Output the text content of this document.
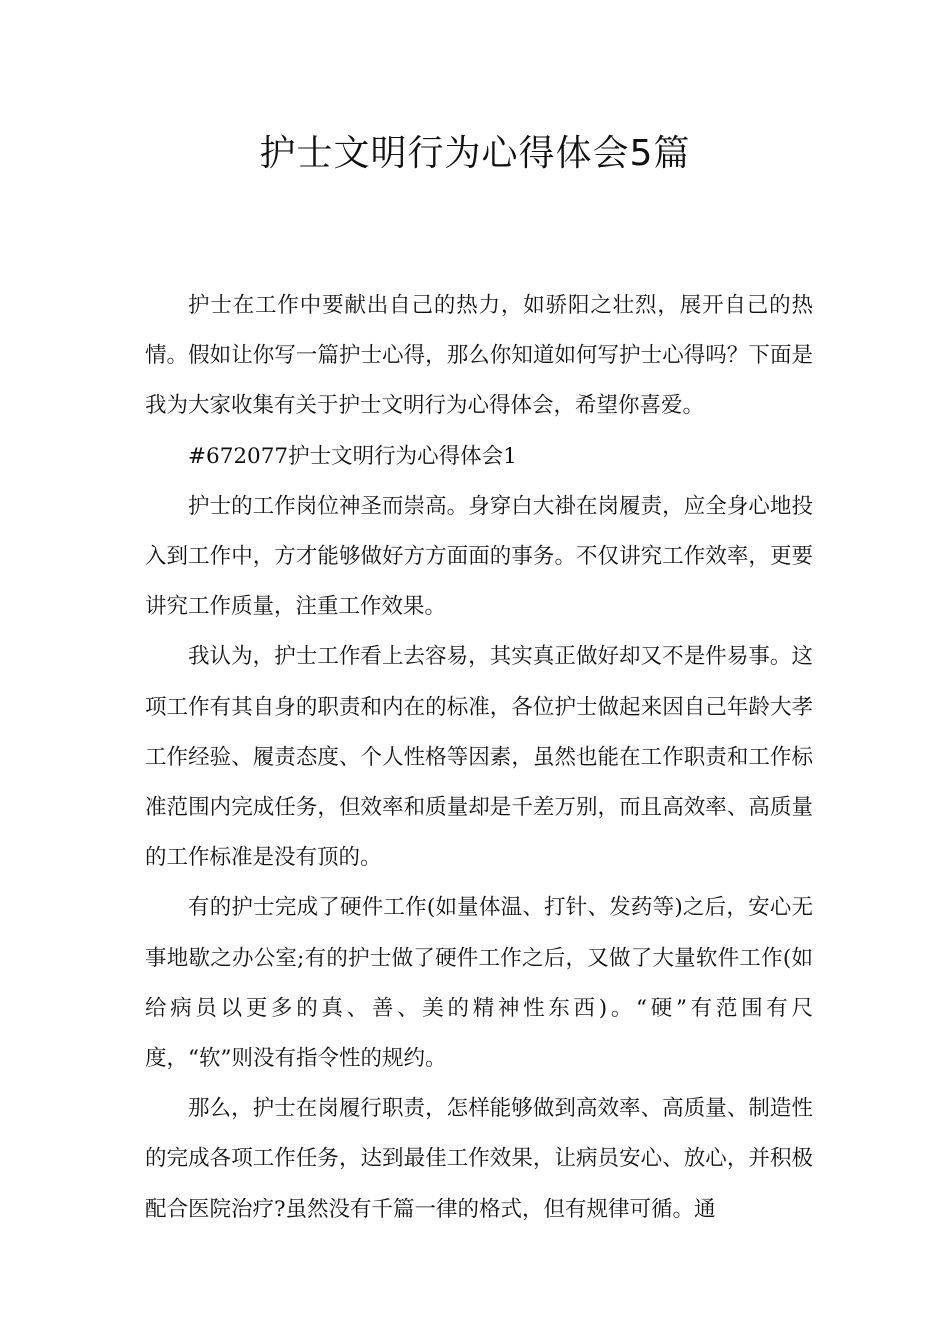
护士文明行为心得体会5篇

护士在工作中要献出自己的热力，如骄阳之壮烈，展开自己的热情。假如让你写一篇护士心得，那么你知道如何写护士心得吗？下面是我为大家收集有关于护士文明行为心得体会，希望你喜爱。

#672077护士文明行为心得体会1

护士的工作岗位神圣而崇高。身穿白大褂在岗履责，应全身心地投入到工作中，方才能够做好方方面面的事务。不仅讲究工作效率，更要讲究工作质量，注重工作效果。

我认为，护士工作看上去容易，其实真正做好却又不是件易事。这项工作有其自身的职责和内在的标准，各位护士做起来因自己年龄大孝工作经验、履责态度、个人性格等因素，虽然也能在工作职责和工作标准范围内完成任务，但效率和质量却是千差万别，而且高效率、高质量的工作标准是没有顶的。

有的护士完成了硬件工作(如量体温、打针、发药等)之后，安心无事地歇之办公室;有的护士做了硬件工作之后，又做了大量软件工作(如给病员以更多的真、善、美的精神性东西)。“硬”有范围有尺度，“软”则没有指令性的规约。

那么，护士在岗履行职责，怎样能够做到高效率、高质量、制造性的完成各项工作任务，达到最佳工作效果，让病员安心、放心，并积极配合医院治疗?虽然没有千篇一律的格式，但有规律可循。通
